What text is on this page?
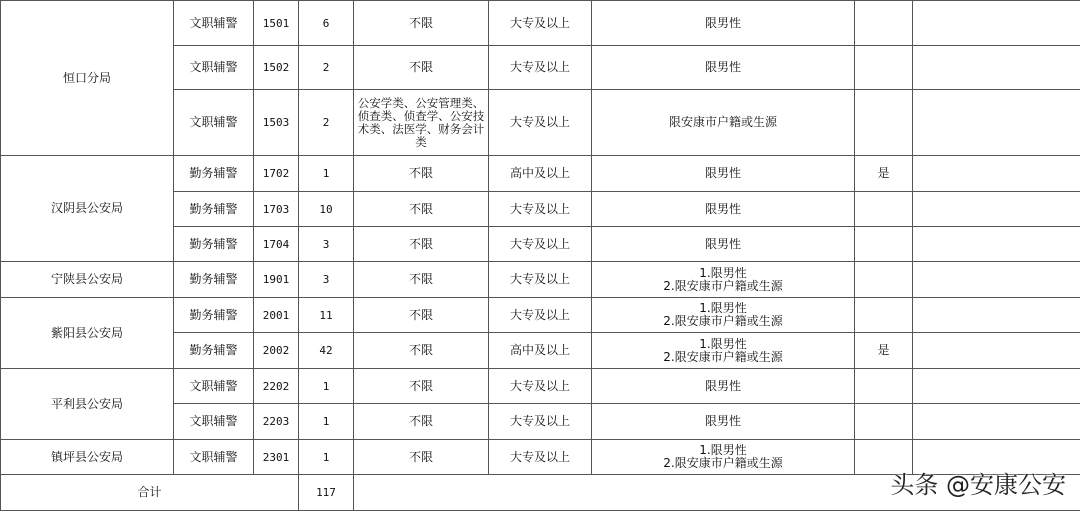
恒口分局	文职辅警	1501	6	不限	大专及以上	限男性		

	文职辅警	1502	2	不限	大专及以上	限男性		

	文职辅警	1503	2	公安学类、公安管理类、侦查类、侦查学、公安技术类、法医学、财务会计类	大专及以上	限安康市户籍或生源		

汉阴县公安局	勤务辅警	1702	1	不限	高中及以上	限男性	是	
	勤务辅警	1703	10	不限	大专及以上	限男性		

	勤务辅警	1704	3	不限	大专及以上	限男性		

宁陕县公安局	勤务辅警	1901	3	不限	大专及以上	1.限男性
2.限安康市户籍或生源		

紫阳县公安局	勤务辅警	2001	11	不限	大专及以上	1.限男性
2.限安康市户籍或生源		

	勤务辅警	2002	42	不限	高中及以上	1.限男性
2.限安康市户籍或生源	是	
平利县公安局	文职辅警	2202	1	不限	大专及以上	限男性		

	文职辅警	2203	1	不限	大专及以上	限男性		

镇坪县公安局	文职辅警	2301	1	不限	大专及以上	1.限男性
2.限安康市户籍或生源		

合计			117						头条 @安康公安
